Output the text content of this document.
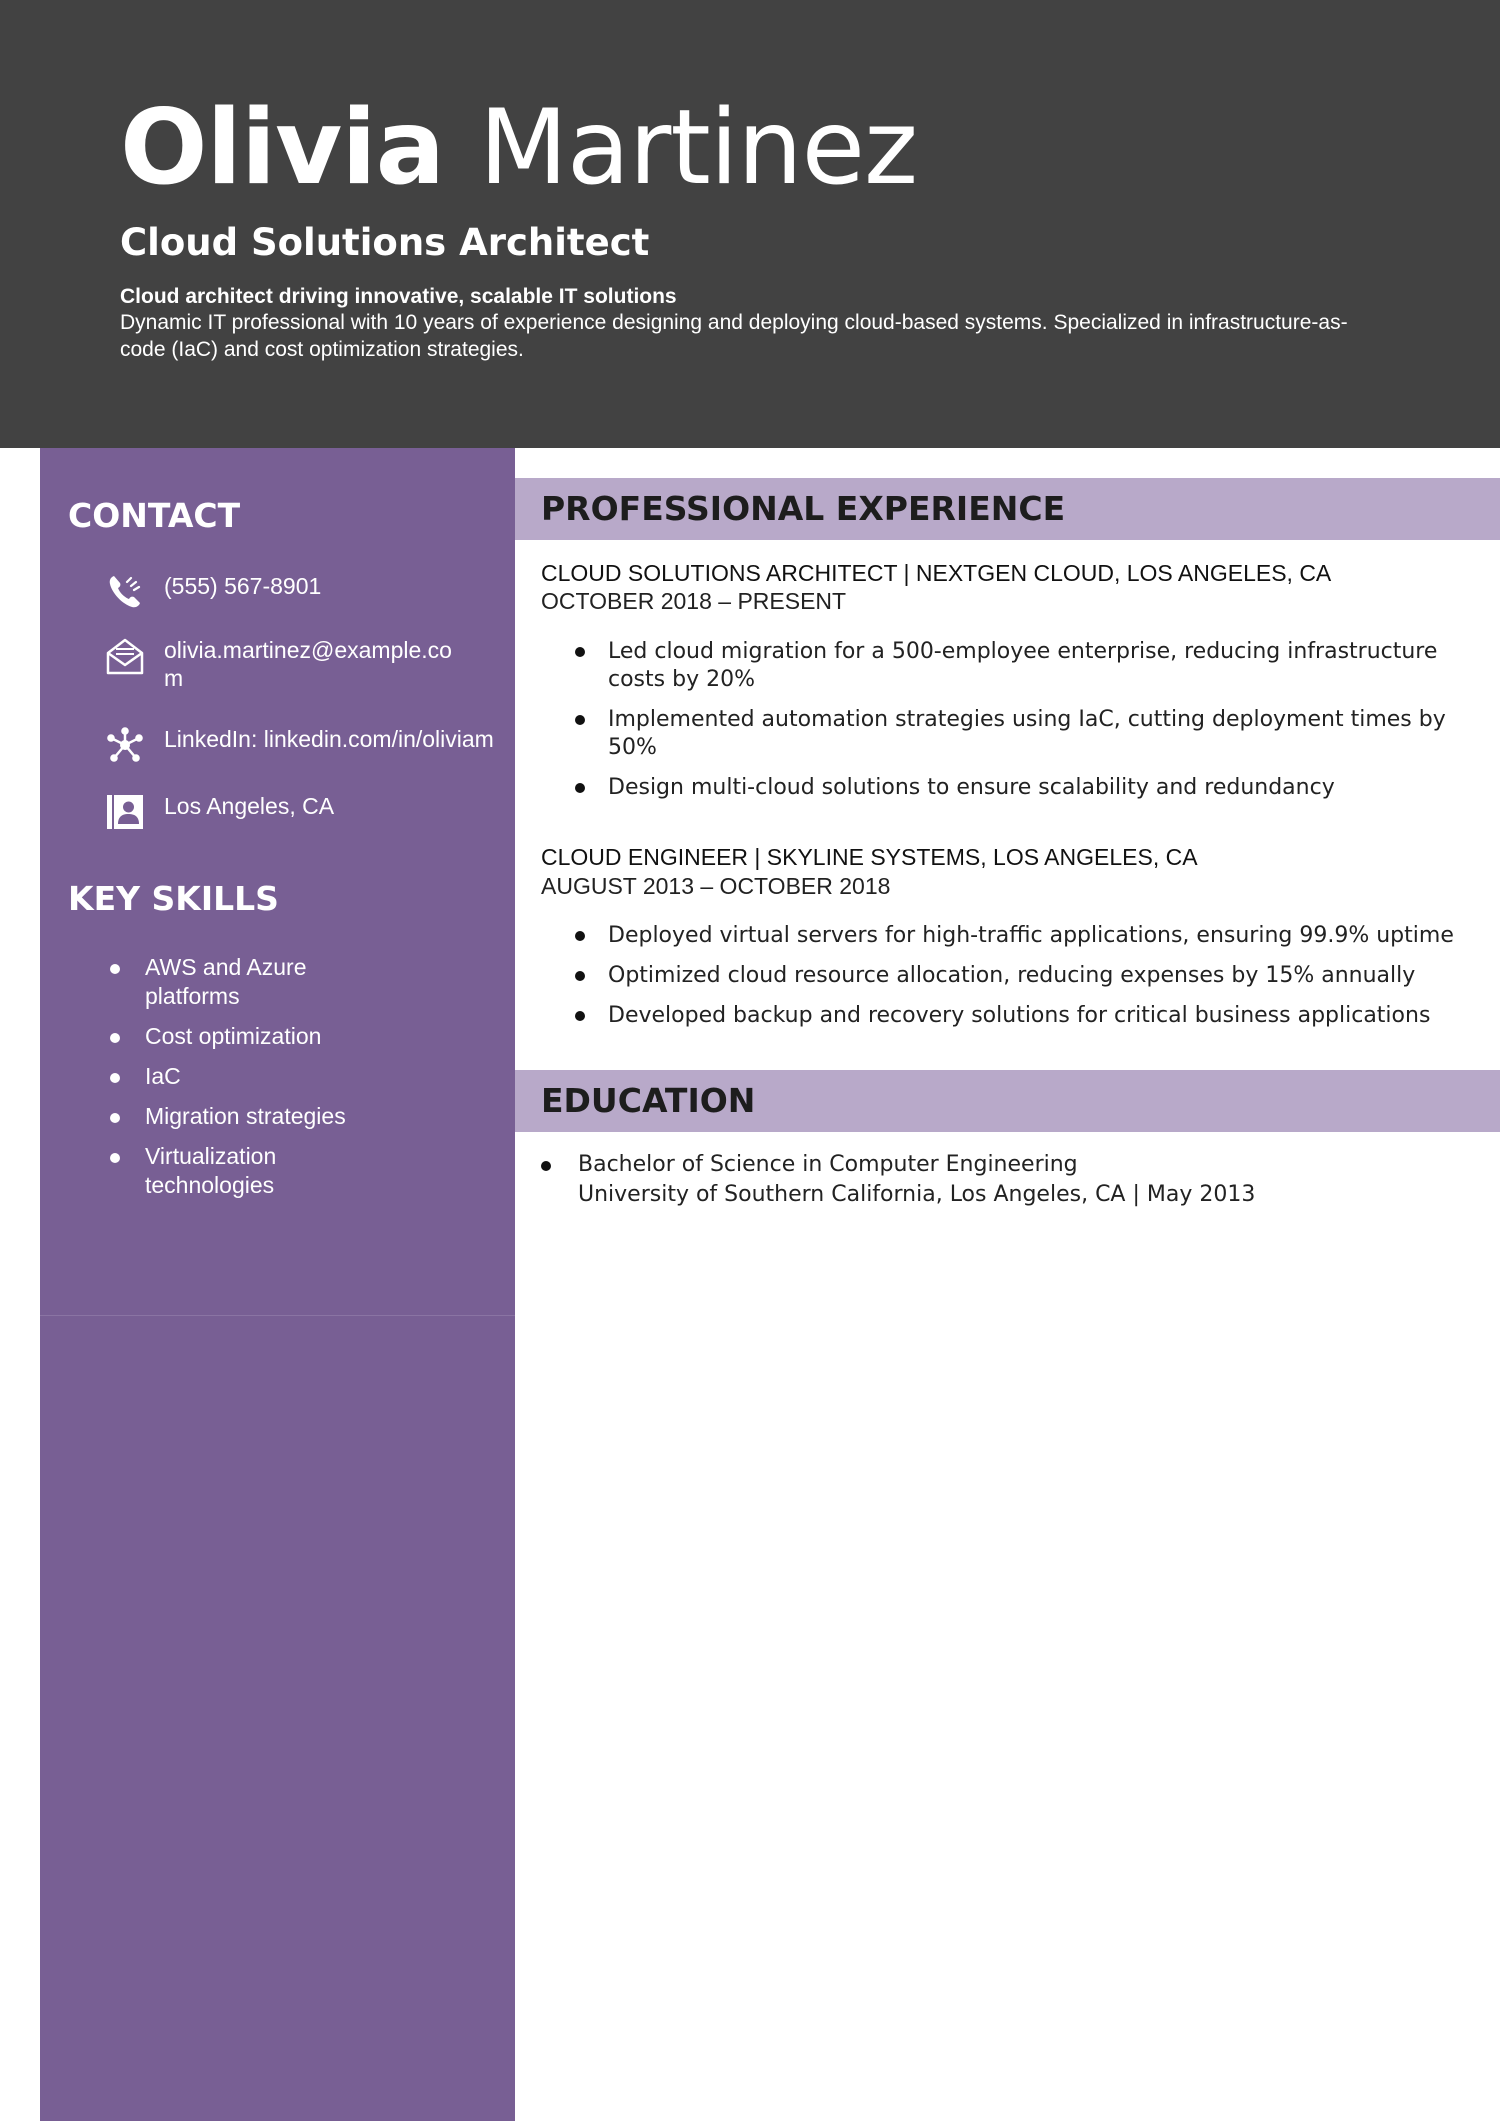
Olivia Martinez
Cloud Solutions Architect
Cloud architect driving innovative, scalable IT solutions
Dynamic IT professional with 10 years of experience designing and deploying cloud-based systems. Specialized in infrastructure-as-code (IaC) and cost optimization strategies.
CONTACT
(555) 567-8901
olivia.martinez@example.com
LinkedIn: linkedin.com/in/oliviam
Los Angeles, CA
KEY SKILLS
AWS and Azure platforms
Cost optimization
IaC
Migration strategies
Virtualization technologies
PROFESSIONAL EXPERIENCE
CLOUD SOLUTIONS ARCHITECT | NEXTGEN CLOUD, LOS ANGELES, CA
OCTOBER 2018 – PRESENT
Led cloud migration for a 500-employee enterprise, reducing infrastructure costs by 20%
Implemented automation strategies using IaC, cutting deployment times by 50%
Design multi-cloud solutions to ensure scalability and redundancy
CLOUD ENGINEER | SKYLINE SYSTEMS, LOS ANGELES, CA
AUGUST 2013 – OCTOBER 2018
Deployed virtual servers for high-traffic applications, ensuring 99.9% uptime
Optimized cloud resource allocation, reducing expenses by 15% annually
Developed backup and recovery solutions for critical business applications
EDUCATION
Bachelor of Science in Computer Engineering
University of Southern California, Los Angeles, CA | May 2013
